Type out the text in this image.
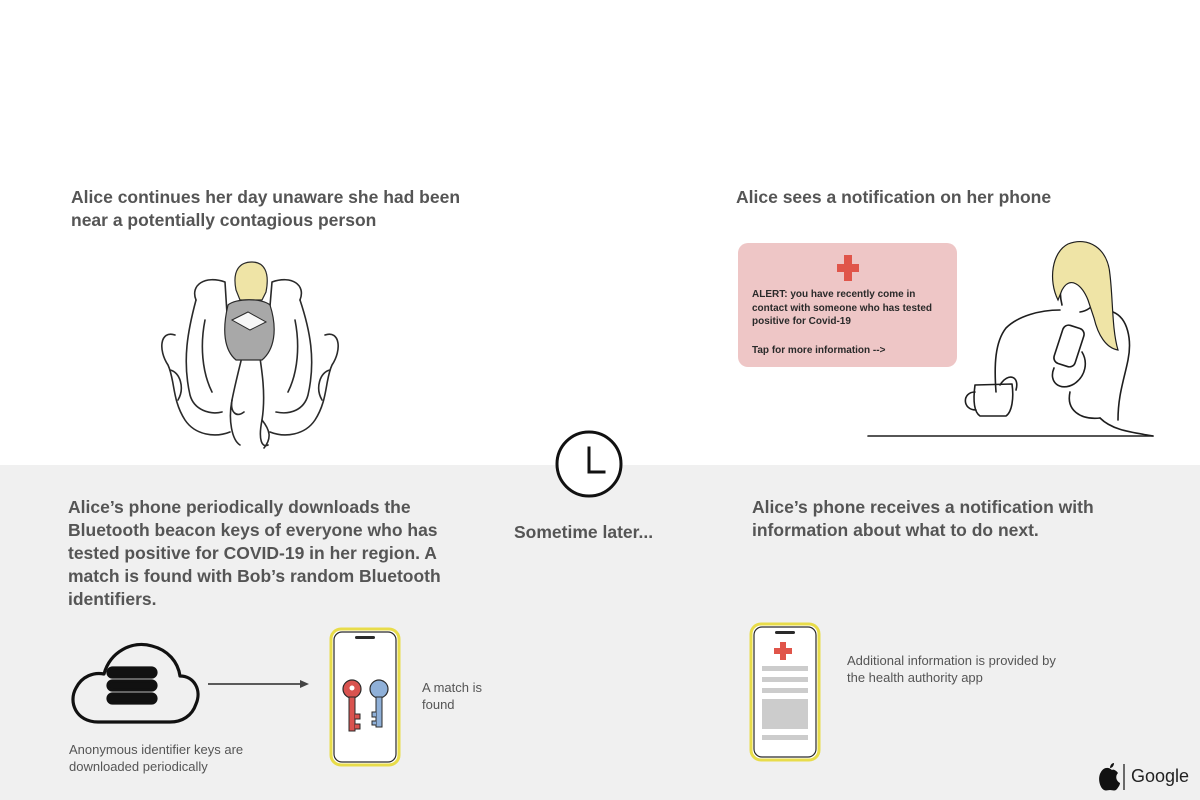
Alice continues her day unaware she had been near a potentially contagious person
Alice sees a notification on her phone
Alice’s phone periodically downloads the Bluetooth beacon keys of everyone who has tested positive for COVID-19 in her region. A match is found with Bob’s random Bluetooth identifiers.
Sometime later...
Alice’s phone receives a notification with information about what to do next.
ALERT: you have recently come in contact with someone who has tested positive for Covid-19
Tap for more information -->
Anonymous identifier keys are downloaded periodically
A match is found
Additional information is provided by the health authority app
Google
